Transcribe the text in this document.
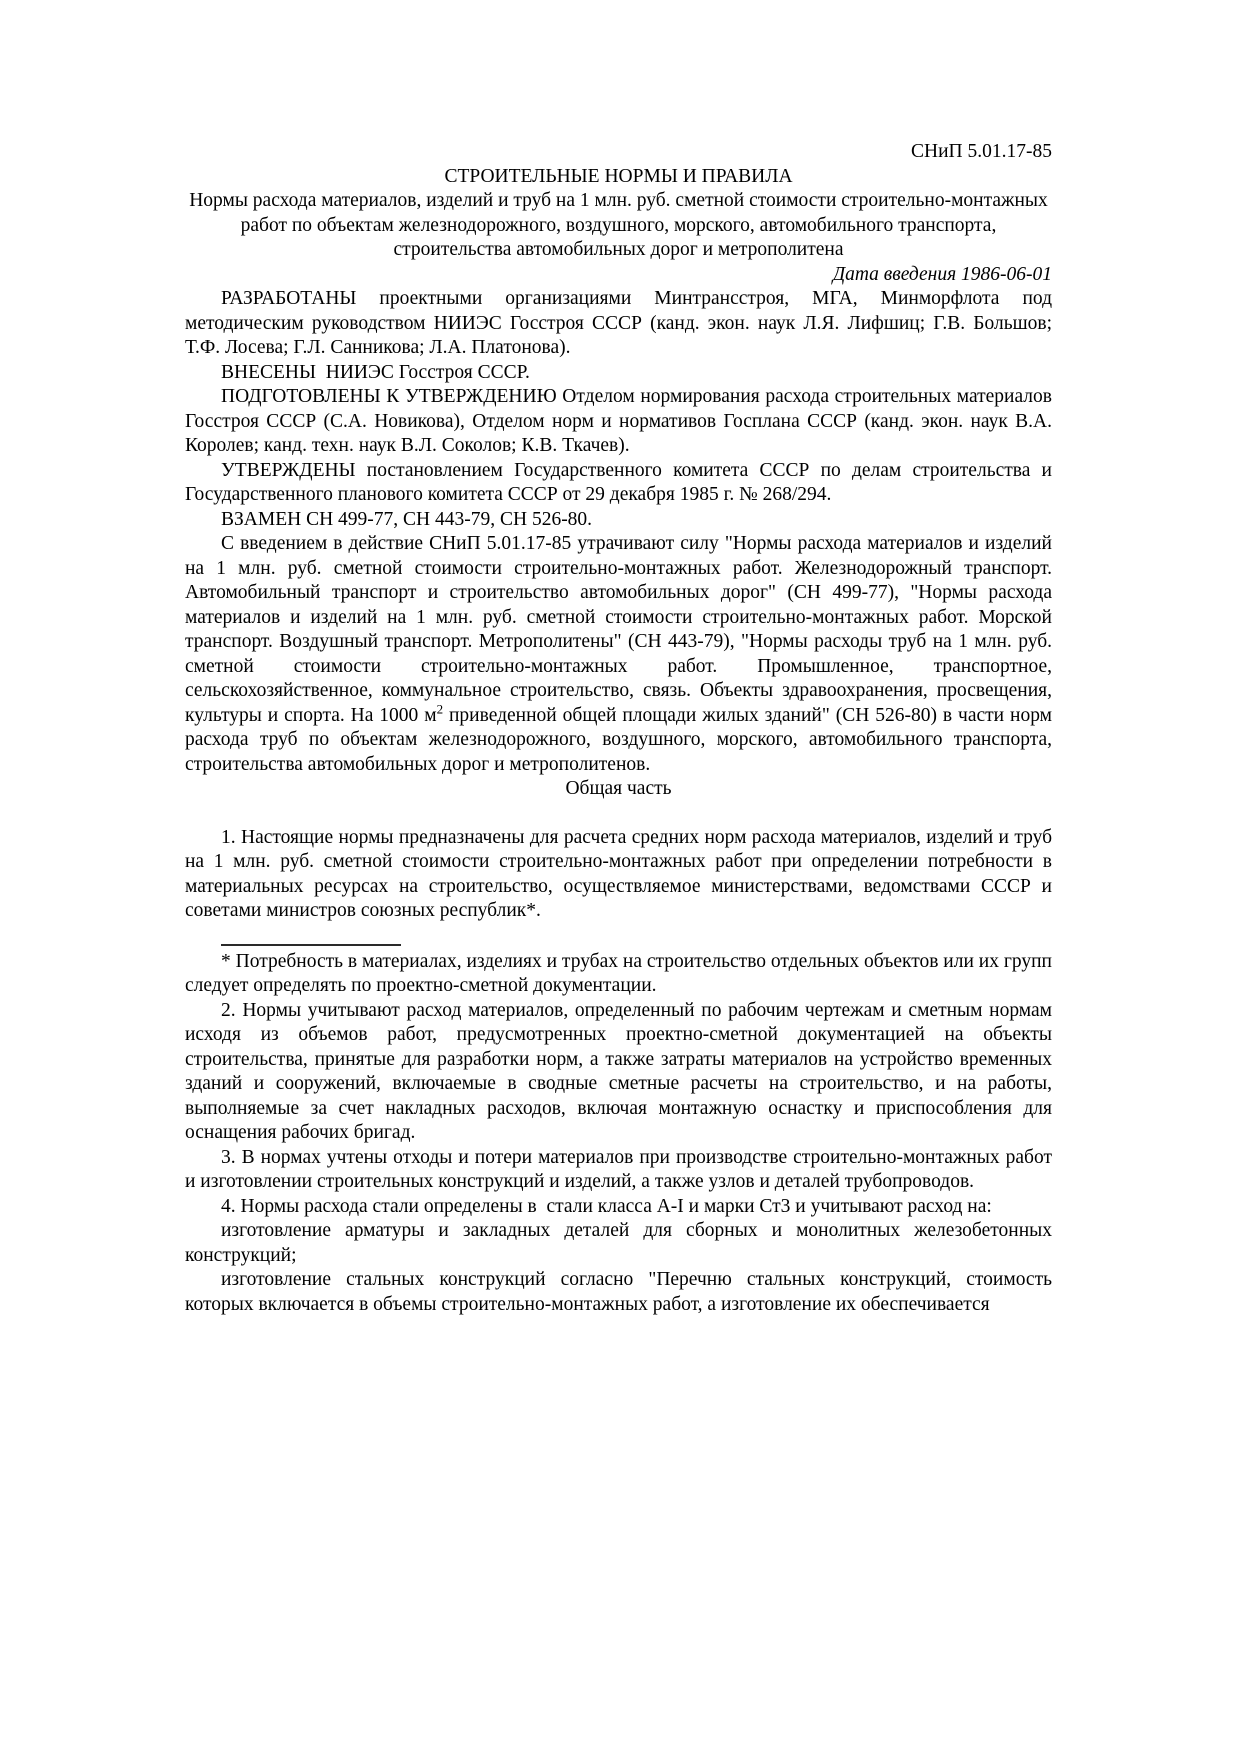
СНиП 5.01.17-85

СТРОИТЕЛЬНЫЕ НОРМЫ И ПРАВИЛА
Нормы расхода материалов, изделий и труб на 1 млн. руб. сметной стоимости строительно-монтажных работ по объектам железнодорожного, воздушного, морского, автомобильного транспорта, строительства автомобильных дорог и метрополитена

Дата введения 1986-06-01

РАЗРАБОТАНЫ проектными организациями Минтрансстроя, МГА, Минморфлота под методическим руководством НИИЭС Госстроя СССР (канд. экон. наук Л.Я. Лифшиц; Г.В. Большов; Т.Ф. Лосева; Г.Л. Санникова; Л.А. Платонова).

ВНЕСЕНЫ  НИИЭС Госстроя СССР.

ПОДГОТОВЛЕНЫ К УТВЕРЖДЕНИЮ Отделом нормирования расхода строительных материалов Госстроя СССР (С.А. Новикова), Отделом норм и нормативов Госплана СССР (канд. экон. наук В.А. Королев; канд. техн. наук В.Л. Соколов; К.В. Ткачев).

УТВЕРЖДЕНЫ постановлением Государственного комитета СССР по делам строительства и Государственного планового комитета СССР от 29 декабря 1985 г. № 268/294.

ВЗАМЕН СН 499-77, СН 443-79, СН 526-80.

С введением в действие СНиП 5.01.17-85 утрачивают силу "Нормы расхода материалов и изделий на 1 млн. руб. сметной стоимости строительно-монтажных работ. Железнодорожный транспорт. Автомобильный транспорт и строительство автомобильных дорог" (СН 499-77), "Нормы расхода материалов и изделий на 1 млн. руб. сметной стоимости строительно-монтажных работ. Морской транспорт. Воздушный транспорт. Метрополитены" (СН 443-79), "Нормы расходы труб на 1 млн. руб. сметной стоимости строительно-монтажных работ. Промышленное, транспортное, сельскохозяйственное, коммунальное строительство, связь. Объекты здравоохранения, просвещения, культуры и спорта. На 1000 $м^2$ приведенной общей площади жилых зданий" (СН 526-80) в части норм расхода труб по объектам железнодорожного, воздушного, морского, автомобильного транспорта, строительства автомобильных дорог и метрополитенов.

Общая часть

1. Настоящие нормы предназначены для расчета средних норм расхода материалов, изделий и труб на 1 млн. руб. сметной стоимости строительно-монтажных работ при определении потребности в материальных ресурсах на строительство, осуществляемое министерствами, ведомствами СССР и советами министров союзных республик*.

* Потребность в материалах, изделиях и трубах на строительство отдельных объектов или их групп следует определять по проектно-сметной документации.

2. Нормы учитывают расход материалов, определенный по рабочим чертежам и сметным нормам исходя из объемов работ, предусмотренных проектно-сметной документацией на объекты строительства, принятые для разработки норм, а также затраты материалов на устройство временных зданий и сооружений, включаемые в сводные сметные расчеты на строительство, и на работы, выполняемые за счет накладных расходов, включая монтажную оснастку и приспособления для оснащения рабочих бригад.

3. В нормах учтены отходы и потери материалов при производстве строительно-монтажных работ и изготовлении строительных конструкций и изделий, а также узлов и деталей трубопроводов.

4. Нормы расхода стали определены в  стали класса А-I и марки Ст3 и учитывают расход на:

изготовление арматуры и закладных деталей для сборных и монолитных железобетонных конструкций;

изготовление стальных конструкций согласно "Перечню стальных конструкций, стоимость которых включается в объемы строительно-монтажных работ, а изготовление их обеспечивается
